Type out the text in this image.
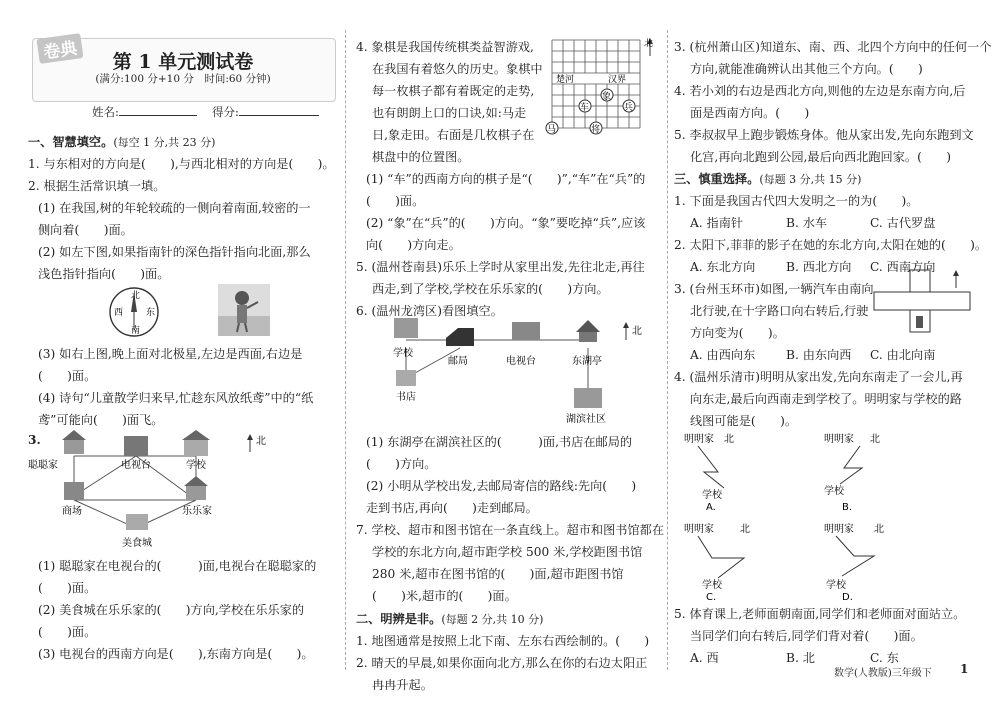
卷典	第 1 单元测试卷
(满分:100 分+10 分　时间:60 分钟)
姓名:	得分:
一、智慧填空。(每空 1 分,共 23 分)
1. 与东相对的方向是(　　),与西北相对的方向是(　　)。
2. 根据生活常识填一填。
(1) 在我国,树的年轮较疏的一侧向着南面,较密的一
侧向着(　　)面。
(2) 如左下图,如果指南针的深色指针指向北面,那么
浅色指针指向(　　)面。
北
南
西	东
(3) 如右上图,晚上面对北极星,左边是西面,右边是
(　　)面。
(4) 诗句“儿童散学归来早,忙趁东风放纸鸢”中的“纸
鸢”可能向(　　)面飞。
3.
聪聪家	电视台	学校
商场	乐乐家
美食城
北
(1) 聪聪家在电视台的(　　　)面,电视台在聪聪家的
(　　)面。
(2) 美食城在乐乐家的(　　)方向,学校在乐乐家的
(　　)面。
(3) 电视台的西南方向是(　　),东南方向是(　　)。
4. 象棋是我国传统棋类益智游戏,
在我国有着悠久的历史。象棋中
每一枚棋子都有着既定的走势,
也有朗朗上口的口诀,如:马走
日,象走田。右面是几枚棋子在
棋盘中的位置图。
楚河	汉界
象
车	兵
马	将
北
(1) “车”的西南方向的棋子是“(　　)”,“车”在“兵”的
(　　)面。
(2) “象”在“兵”的(　　)方向。“象”要吃掉“兵”,应该
向(　　)方向走。
5. (温州苍南县)乐乐上学时从家里出发,先往北走,再往
西走,到了学校,学校在乐乐家的(　　)方向。
6. (温州龙湾区)看图填空。
学校
邮局	电视台	东湖亭
书店
湖滨社区
北
(1) 东湖亭在湖滨社区的(　　　)面,书店在邮局的
(　　)方向。
(2) 小明从学校出发,去邮局寄信的路线:先向(　　)
走到书店,再向(　　)走到邮局。
7. 学校、超市和图书馆在一条直线上。超市和图书馆都在
学校的东北方向,超市距学校 500 米,学校距图书馆
280 米,超市在图书馆的(　　)面,超市距图书馆
(　　)米,超市的(　　)面。
二、明辨是非。(每题 2 分,共 10 分)
1. 地图通常是按照上北下南、左东右西绘制的。(　　)
2. 晴天的早晨,如果你面向北方,那么在你的右边太阳正
冉冉升起。
3. (杭州萧山区)知道东、南、西、北四个方向中的任何一个
方向,就能准确辨认出其他三个方向。(　　)
4. 若小刘的右边是西北方向,则他的左边是东南方向,后
面是西南方向。(　　)
5. 李叔叔早上跑步锻炼身体。他从家出发,先向东跑到文
化宫,再向北跑到公园,最后向西北跑回家。(　　)
三、慎重选择。(每题 3 分,共 15 分)
1. 下面是我国古代四大发明之一的为(　　)。
A. 指南针	B. 水车	C. 古代罗盘
2. 太阳下,菲菲的影子在她的东北方向,太阳在她的(　　)。
A. 东北方向	B. 西北方向 C. 西南方向
3. (台州玉环市)如图,一辆汽车由南向
北行驶,在十字路口向右转后,行驶
方向变为(　　)。
A. 由西向东	B. 由东向西 C. 由北向南
4. (温州乐清市)明明从家出发,先向东南走了一会儿,再
向东走,最后向西南走到学校了。明明家与学校的路
线图可能是(　　)。
明明家 北
学校
A.
明明家 北
学校
B.
明明家	北
学校
C.
明明家 北
学校
D.
5. 体育课上,老师面朝南面,同学们和老师面对面站立。
当同学们向右转后,同学们背对着(　　)面。
A. 西	B. 北	C. 东
数学(人教版)三年级下 1
